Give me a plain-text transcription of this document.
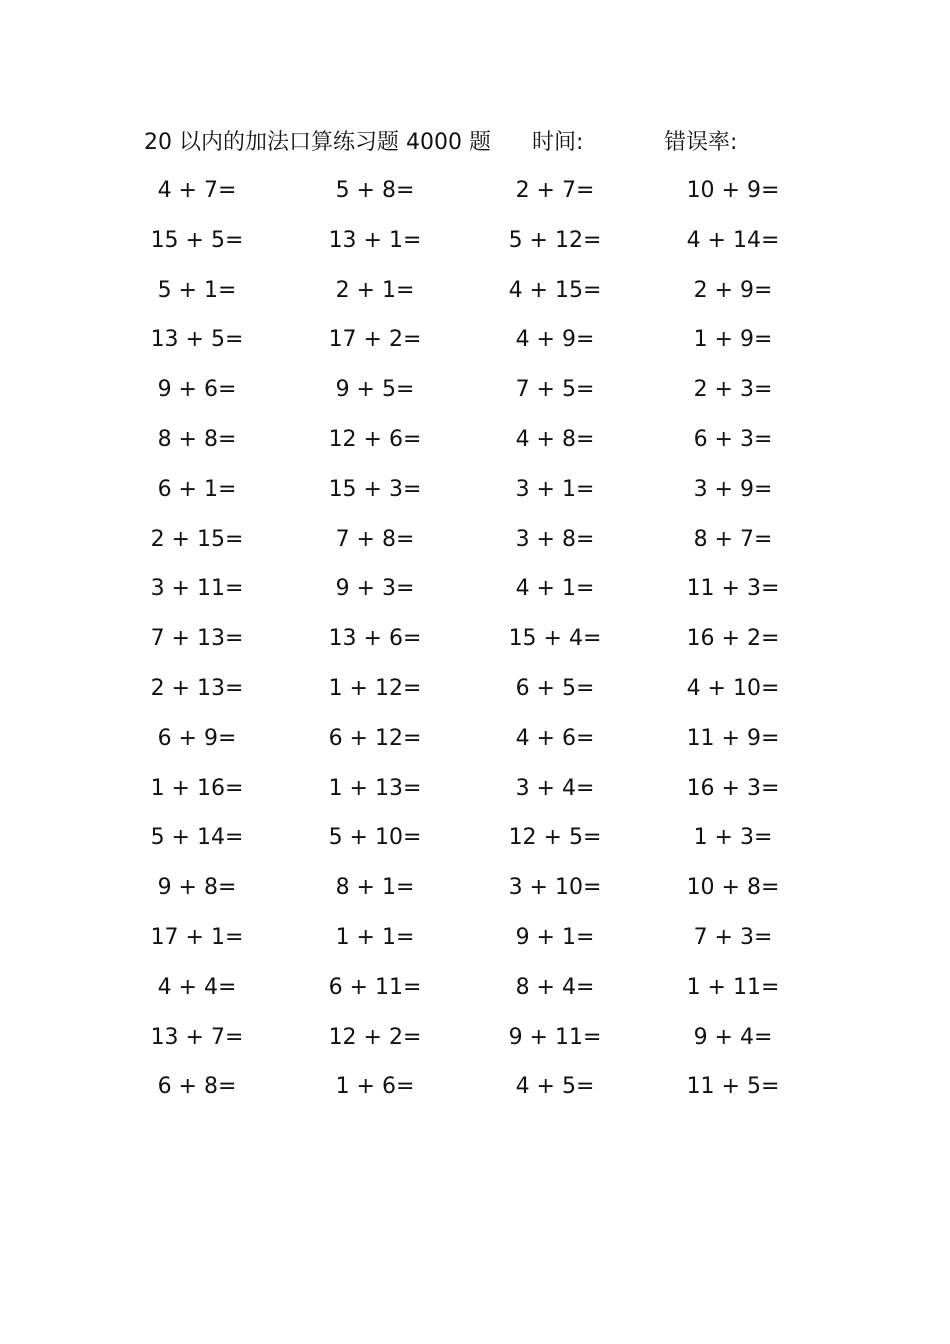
20 以内的加法口算练习题 4000 题 时间:	错误率:
4 + 7=	5 + 8=	2 + 7=	10 + 9=
15 + 5=	13 + 1=	5 + 12=	4 + 14=
5 + 1=	2 + 1=	4 + 15=	2 + 9=
13 + 5=	17 + 2=	4 + 9=	1 + 9=
9 + 6=	9 + 5=	7 + 5=	2 + 3=
8 + 8=	12 + 6=	4 + 8=	6 + 3=
6 + 1=	15 + 3=	3 + 1=	3 + 9=
2 + 15=	7 + 8=	3 + 8=	8 + 7=
3 + 11=	9 + 3=	4 + 1=	11 + 3=
7 + 13=	13 + 6=	15 + 4=	16 + 2=
2 + 13=	1 + 12=	6 + 5=	4 + 10=
6 + 9=	6 + 12=	4 + 6=	11 + 9=
1 + 16=	1 + 13=	3 + 4=	16 + 3=
5 + 14=	5 + 10=	12 + 5=	1 + 3=
9 + 8=	8 + 1=	3 + 10=	10 + 8=
17 + 1=	1 + 1=	9 + 1=	7 + 3=
4 + 4=	6 + 11=	8 + 4=	1 + 11=
13 + 7=	12 + 2=	9 + 11=	9 + 4=
6 + 8=	1 + 6=	4 + 5=	11 + 5=
